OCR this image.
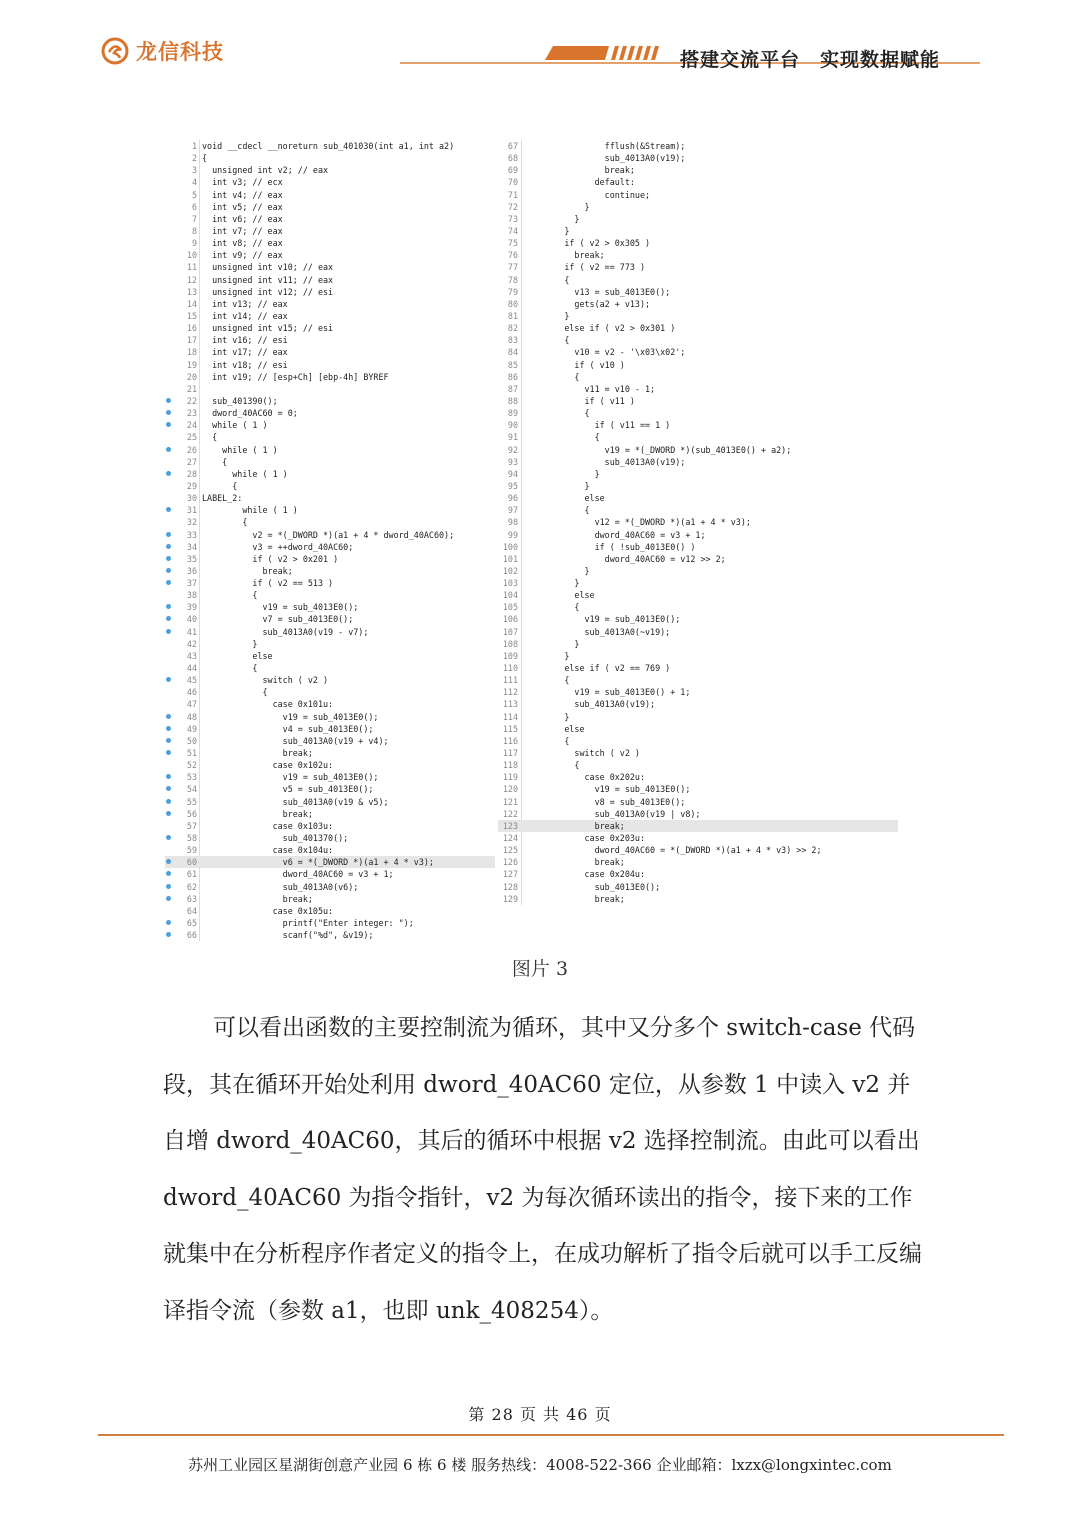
龙信科技	搭建交流平台 实现数据赋能
1 void __cdecl __noreturn sub_401030(int a1, int a2)
2 {
3 unsigned int v2; // eax
4 int v3; // ecx
5 int v4; // eax
6 int v5; // eax
7 int v6; // eax
8 int v7; // eax
9 int v8; // eax
10 int v9; // eax
11 unsigned int v10; // eax
12 unsigned int v11; // eax
13 unsigned int v12; // esi
14 int v13; // eax
15 int v14; // eax
16 unsigned int v15; // esi
17 int v16; // esi
18 int v17; // eax
19 int v18; // esi
20 int v19; // [esp+Ch] [ebp-4h] BYREF
21
22 sub_401390();
23 dword_40AC60 = 0;
24 while ( 1 )
25 {
26 while ( 1 )
27 {
28 while ( 1 )
29 {
30 LABEL_2:
31 while ( 1 )
32 {
33 v2 = *(_DWORD *)(a1 + 4 * dword_40AC60);
34 v3 = ++dword_40AC60;
35 if ( v2 > 0x201 )
36 break;
37 if ( v2 == 513 )
38 {
39 v19 = sub_4013E0();
40 v7 = sub_4013E0();
41 sub_4013A0(v19 - v7);
42 }
43 else
44 {
45 switch ( v2 )
46 {
47 case 0x101u:
48 v19 = sub_4013E0();
49 v4 = sub_4013E0();
50 sub_4013A0(v19 + v4);
51 break;
52 case 0x102u:
53 v19 = sub_4013E0();
54 v5 = sub_4013E0();
55 sub_4013A0(v19 & v5);
56 break;
57 case 0x103u:
58 sub_401370();
59 case 0x104u:
60 v6 = *(_DWORD *)(a1 + 4 * v3);
61 dword_40AC60 = v3 + 1;
62 sub_4013A0(v6);
63 break;
64 case 0x105u:
65 printf("Enter integer: ");
66 scanf("%d", &v19);
67 fflush(&Stream);
68 sub_4013A0(v19);
69 break;
70 default:
71 continue;
72 }
73 }
74 }
75 if ( v2 > 0x305 )
76 break;
77 if ( v2 == 773 )
78 {
79 v13 = sub_4013E0();
80 gets(a2 + v13);
81 }
82 else if ( v2 > 0x301 )
83 {
84 v10 = v2 - '\x03\x02';
85 if ( v10 )
86 {
87 v11 = v10 - 1;
88 if ( v11 )
89 {
90 if ( v11 == 1 )
91 {
92 v19 = *(_DWORD *)(sub_4013E0() + a2);
93 sub_4013A0(v19);
94 }
95 }
96 else
97 {
98 v12 = *(_DWORD *)(a1 + 4 * v3);
99 dword_40AC60 = v3 + 1;
100 if ( !sub_4013E0() )
101 dword_40AC60 = v12 >> 2;
102 }
103 }
104 else
105 {
106 v19 = sub_4013E0();
107 sub_4013A0(~v19);
108 }
109 }
110 else if ( v2 == 769 )
111 {
112 v19 = sub_4013E0() + 1;
113 sub_4013A0(v19);
114 }
115 else
116 {
117 switch ( v2 )
118 {
119 case 0x202u:
120 v19 = sub_4013E0();
121 v8 = sub_4013E0();
122 sub_4013A0(v19 | v8);
123 break;
124 case 0x203u:
125 dword_40AC60 = *(_DWORD *)(a1 + 4 * v3) >> 2;
126 break;
127 case 0x204u:
128 sub_4013E0();
129 break;
图片 3

可以看出函数的主要控制流为循环，其中又分多个 switch-case 代码段，其在循环开始处利用 dword_40AC60 定位，从参数 1 中读入 v2 并自增 dword_40AC60，其后的循环中根据 v2 选择控制流。由此可以看出 dword_40AC60 为指令指针，v2 为每次循环读出的指令，接下来的工作就集中在分析程序作者定义的指令上，在成功解析了指令后就可以手工反编译指令流（参数 a1，也即 unk_408254）。

第 28 页 共 46 页
苏州工业园区星湖街创意产业园 6 栋 6 楼 服务热线：4008-522-366 企业邮箱：lxzx@longxintec.com
